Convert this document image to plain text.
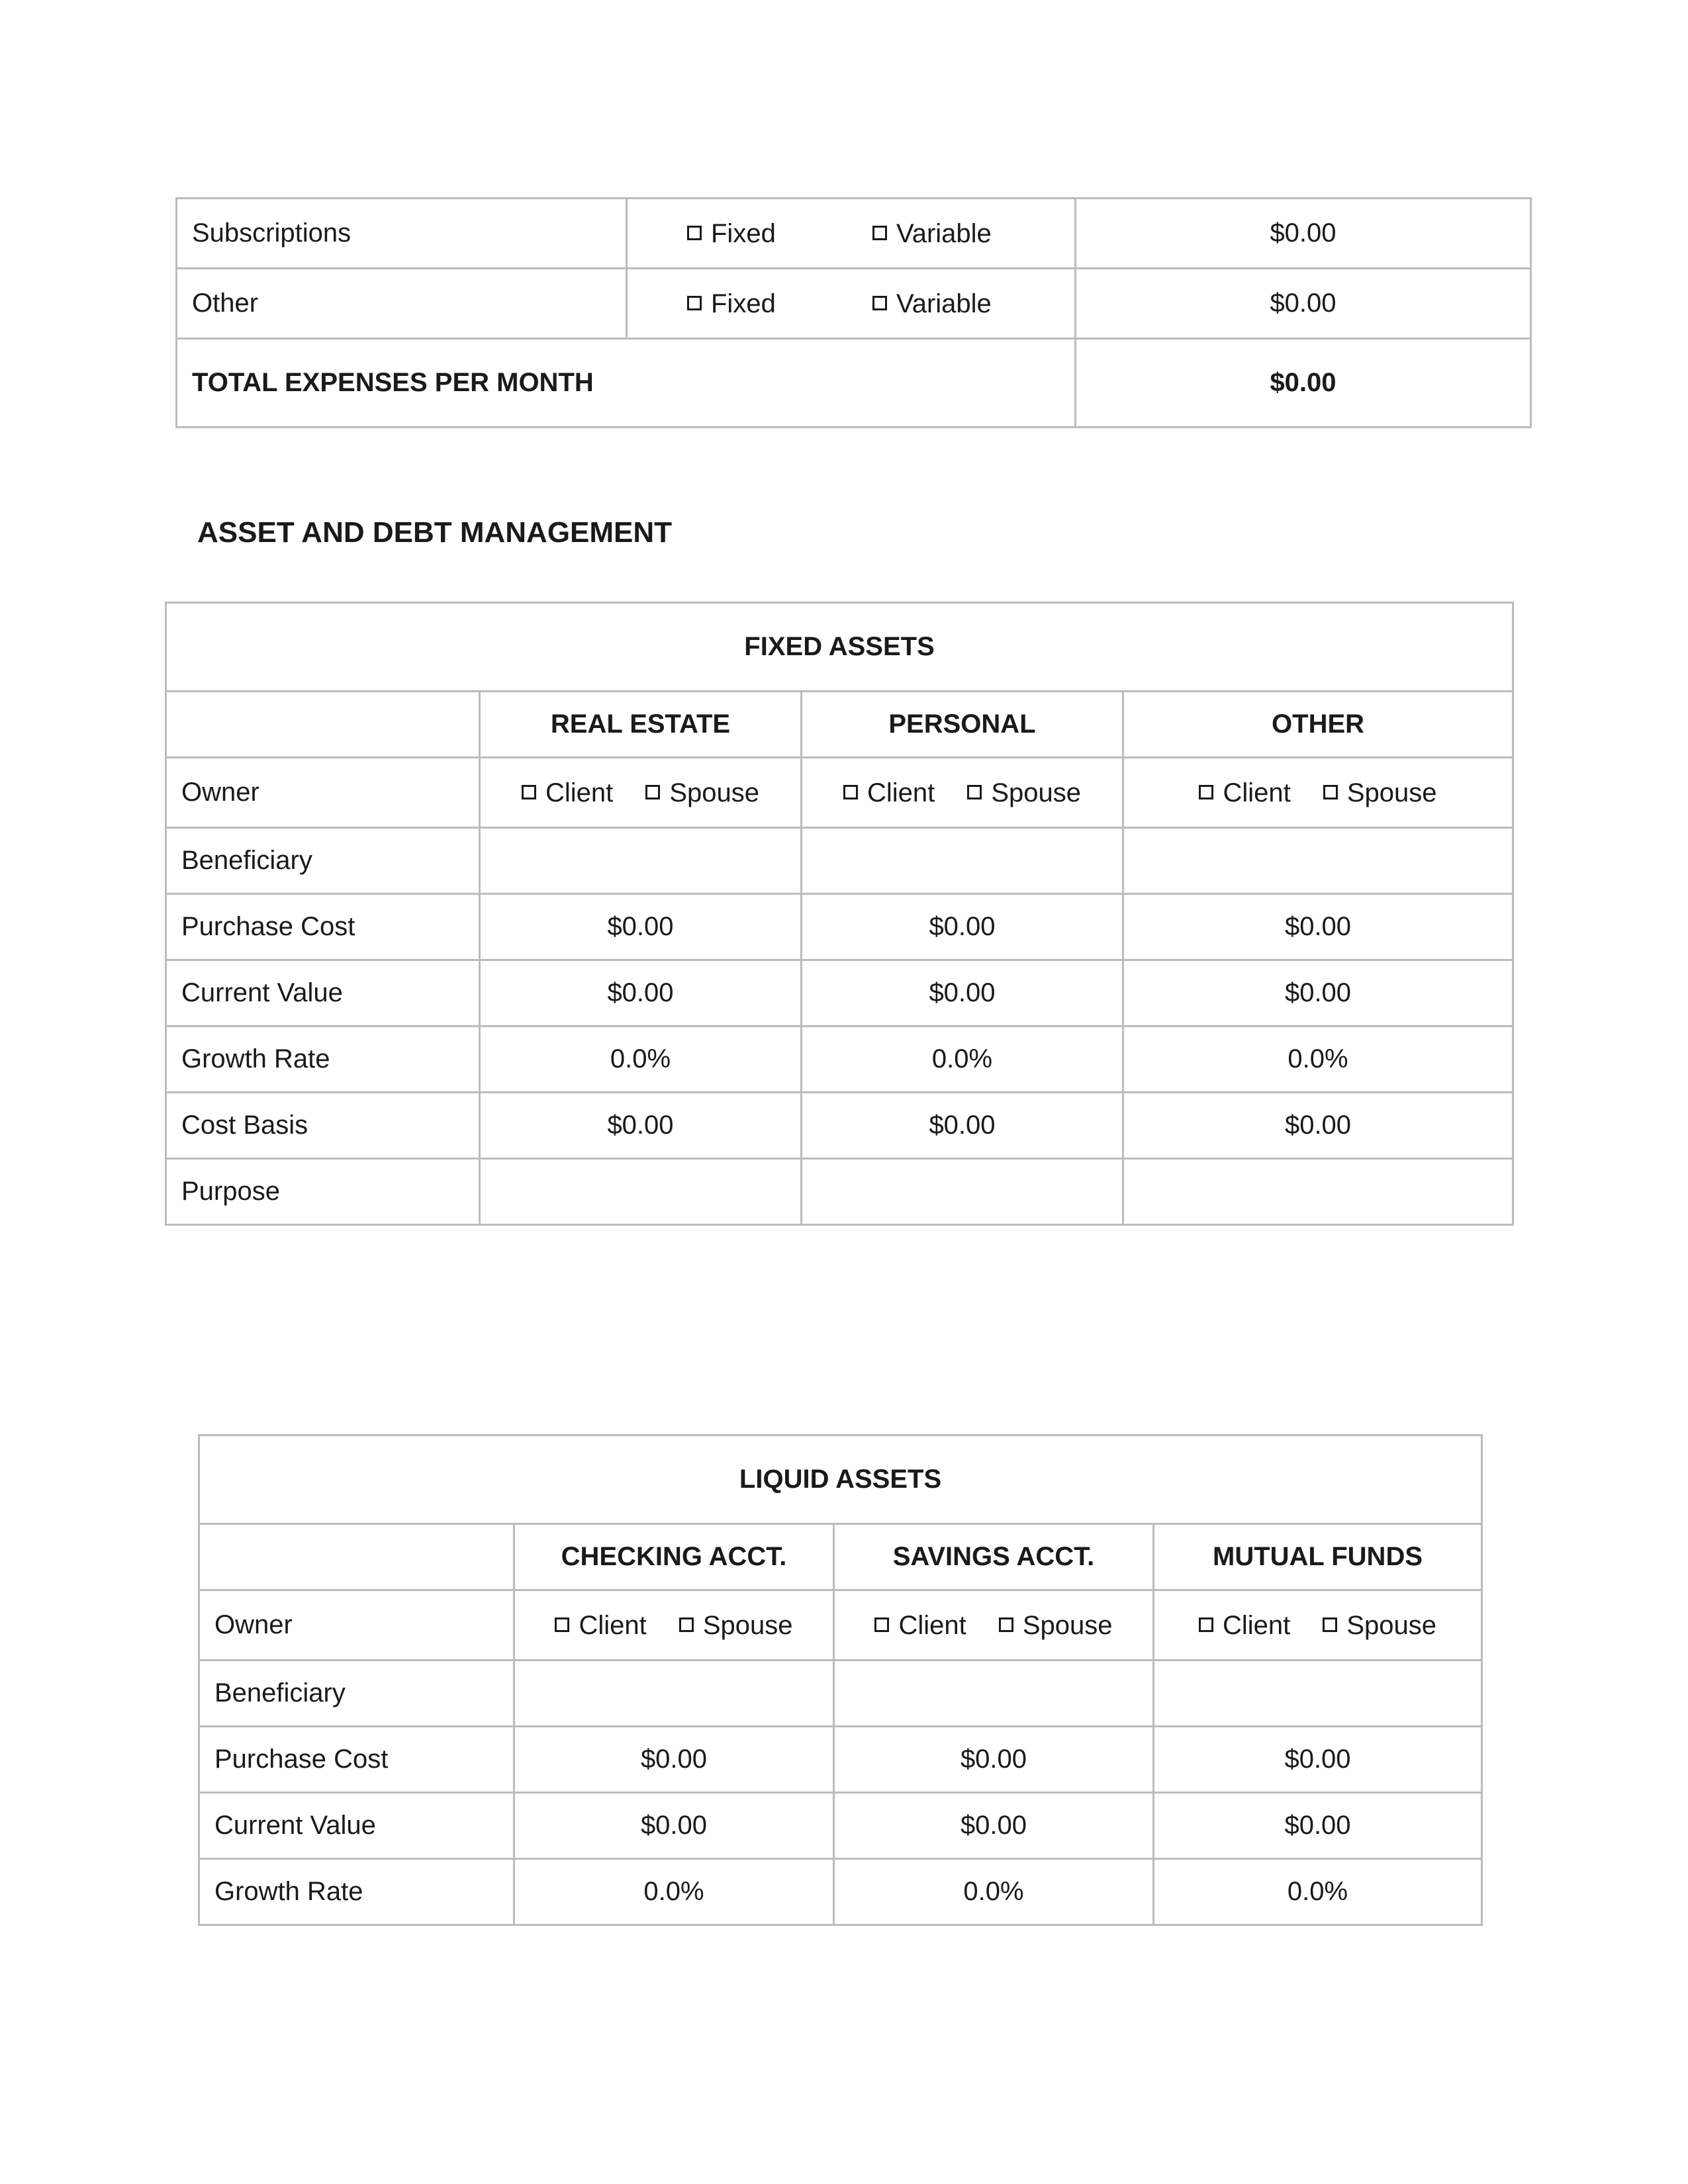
Subscriptions	Fixed Variable	$0.00
Other	Fixed Variable	$0.00
TOTAL EXPENSES PER MONTH		$0.00
ASSET AND DEBT MANAGEMENT
FIXED ASSETS			
	REAL ESTATE	PERSONAL	OTHER
Owner	Client Spouse	Client Spouse	Client Spouse
Beneficiary			
Purchase Cost	$0.00	$0.00	$0.00
Current Value	$0.00	$0.00	$0.00
Growth Rate	0.0%	0.0%	0.0%
Cost Basis	$0.00	$0.00	$0.00
Purpose			
LIQUID ASSETS			
	CHECKING ACCT.	SAVINGS ACCT.	MUTUAL FUNDS
Owner	Client Spouse	Client Spouse	Client Spouse
Beneficiary			
Purchase Cost	$0.00	$0.00	$0.00
Current Value	$0.00	$0.00	$0.00
Growth Rate	0.0%	0.0%	0.0%
